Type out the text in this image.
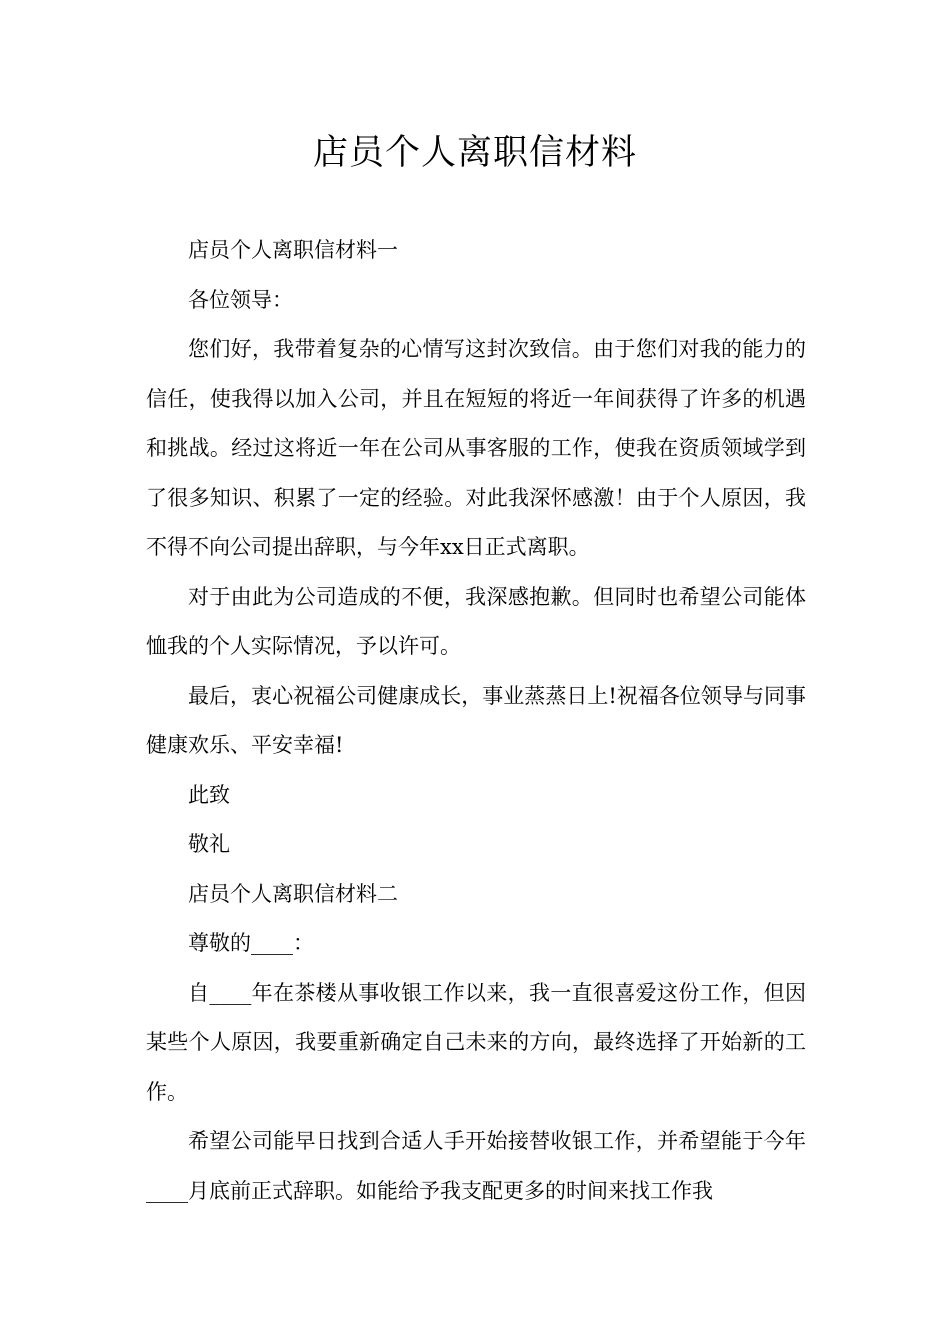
店员个人离职信材料

店员个人离职信材料一

各位领导：

您们好，我带着复杂的心情写这封次致信。由于您们对我的能力的信任，使我得以加入公司，并且在短短的将近一年间获得了许多的机遇和挑战。经过这将近一年在公司从事客服的工作，使我在资质领域学到了很多知识、积累了一定的经验。对此我深怀感激！由于个人原因，我不得不向公司提出辞职，与今年xx日正式离职。

对于由此为公司造成的不便，我深感抱歉。但同时也希望公司能体恤我的个人实际情况，予以许可。

最后，衷心祝福公司健康成长，事业蒸蒸日上!祝福各位领导与同事健康欢乐、平安幸福!

此致

敬礼

店员个人离职信材料二

尊敬的____：

自____年在茶楼从事收银工作以来，我一直很喜爱这份工作，但因某些个人原因，我要重新确定自己未来的方向，最终选择了开始新的工作。

希望公司能早日找到合适人手开始接替收银工作，并希望能于今年____月底前正式辞职。如能给予我支配更多的时间来找工作我
